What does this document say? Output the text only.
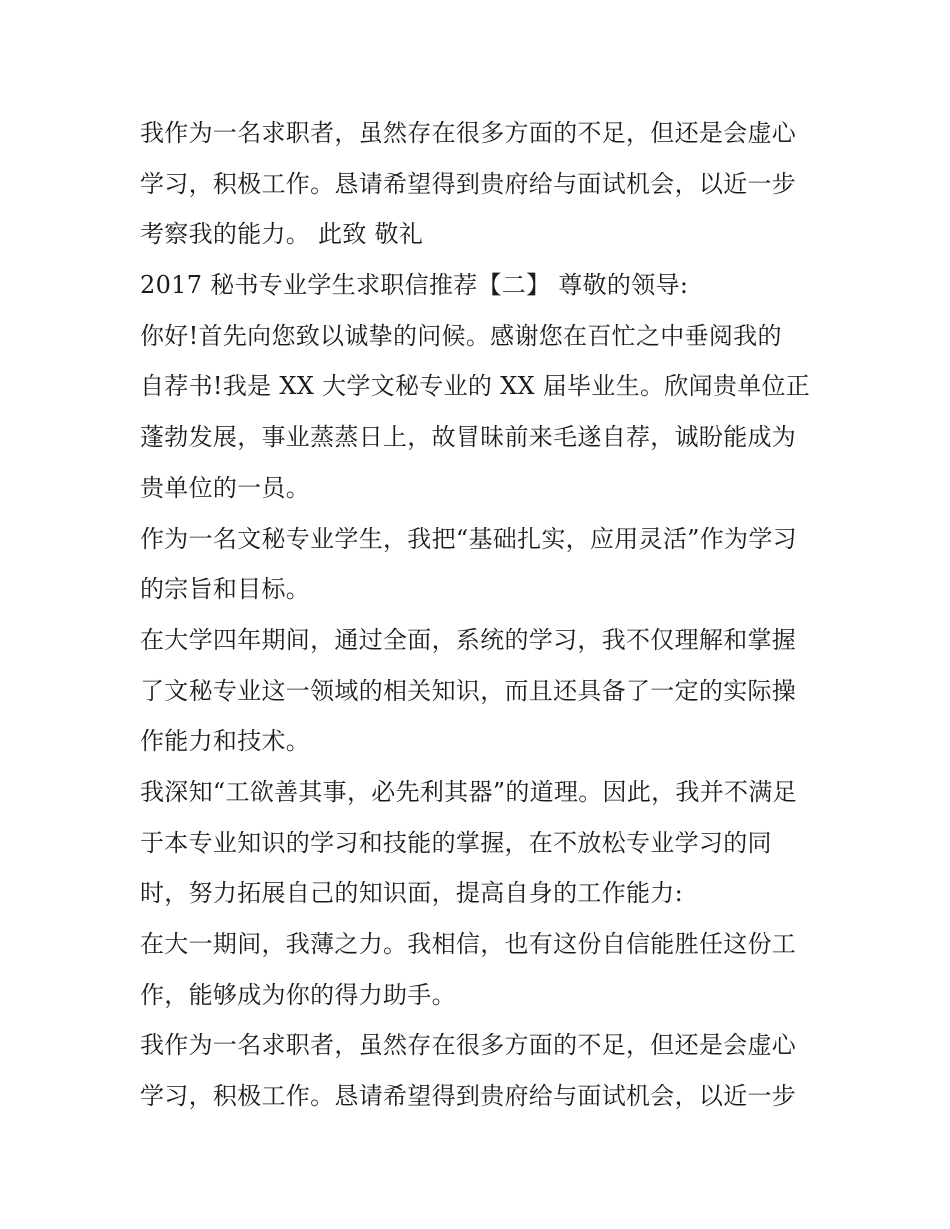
我作为一名求职者，虽然存在很多方面的不足，但还是会虚心
学习，积极工作。恳请希望得到贵府给与面试机会，以近一步
考察我的能力。 此致 敬礼
2017 秘书专业学生求职信推荐【二】 尊敬的领导:
你好!首先向您致以诚挚的问候。感谢您在百忙之中垂阅我的
自荐书!我是 XX 大学文秘专业的 XX 届毕业生。欣闻贵单位正
蓬勃发展，事业蒸蒸日上，故冒昧前来毛遂自荐，诚盼能成为
贵单位的一员。
作为一名文秘专业学生，我把“基础扎实，应用灵活”作为学习
的宗旨和目标。
在大学四年期间，通过全面，系统的学习，我不仅理解和掌握
了文秘专业这一领域的相关知识，而且还具备了一定的实际操
作能力和技术。
我深知“工欲善其事，必先利其器”的道理。因此，我并不满足
于本专业知识的学习和技能的掌握，在不放松专业学习的同
时，努力拓展自己的知识面，提高自身的工作能力:
在大一期间，我薄之力。我相信，也有这份自信能胜任这份工
作，能够成为你的得力助手。
我作为一名求职者，虽然存在很多方面的不足，但还是会虚心
学习，积极工作。恳请希望得到贵府给与面试机会，以近一步
